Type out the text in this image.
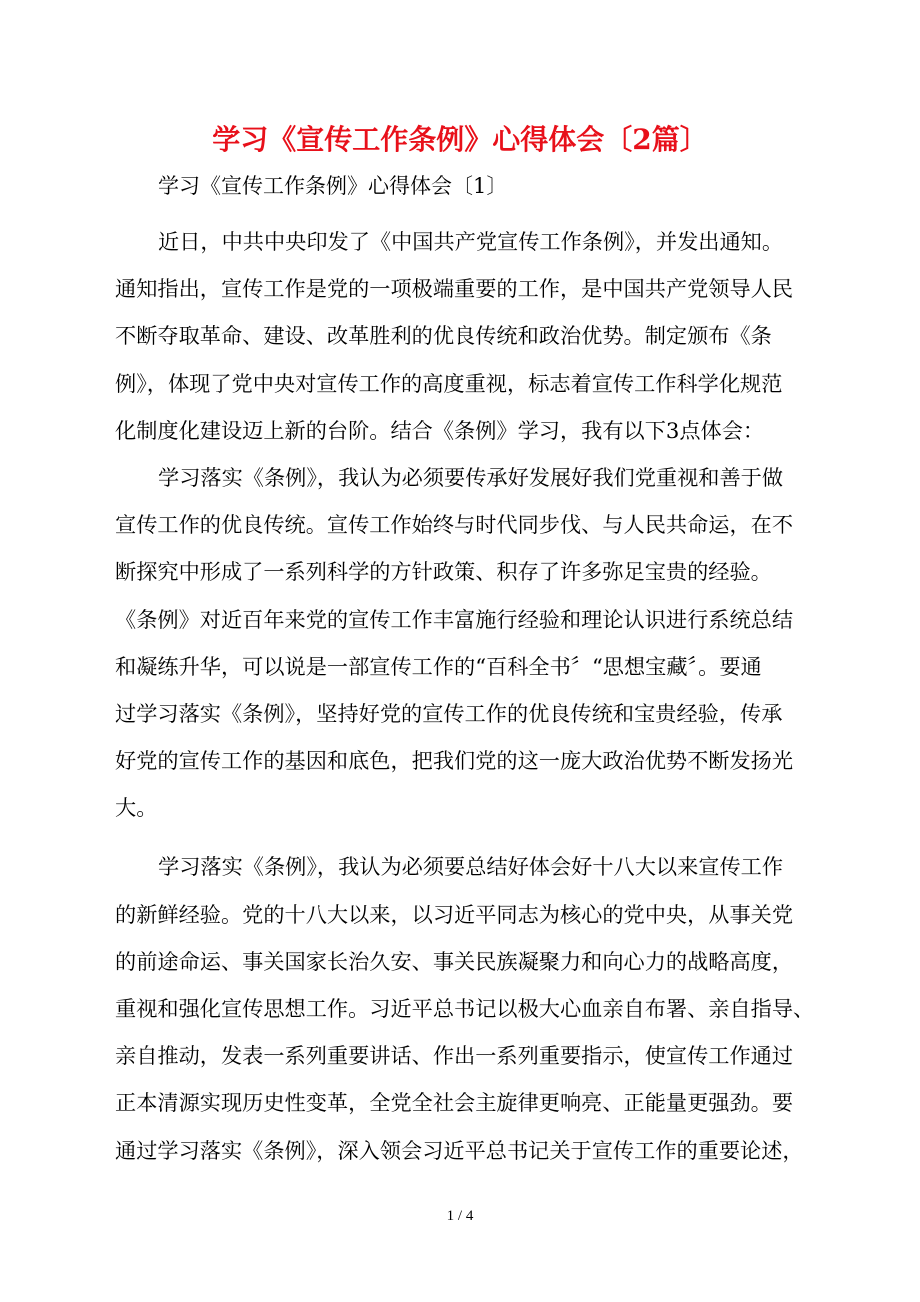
学习《宣传工作条例》心得体会〔2篇〕
学习《宣传工作条例》心得体会〔1〕
近日，中共中央印发了《中国共产党宣传工作条例》，并发出通知。
通知指出，宣传工作是党的一项极端重要的工作，是中国共产党领导人民
不断夺取革命、建设、改革胜利的优良传统和政治优势。制定颁布《条
例》，体现了党中央对宣传工作的高度重视，标志着宣传工作科学化规范
化制度化建设迈上新的台阶。结合《条例》学习，我有以下3点体会：
学习落实《条例》，我认为必须要传承好发展好我们党重视和善于做
宣传工作的优良传统。宣传工作始终与时代同步伐、与人民共命运，在不
断探究中形成了一系列科学的方针政策、积存了许多弥足宝贵的经验。
《条例》对近百年来党的宣传工作丰富施行经验和理论认识进行系统总结
和凝练升华，可以说是一部宣传工作的“百科全书〞“思想宝藏〞。要通
过学习落实《条例》，坚持好党的宣传工作的优良传统和宝贵经验，传承
好党的宣传工作的基因和底色，把我们党的这一庞大政治优势不断发扬光
大。
学习落实《条例》，我认为必须要总结好体会好十八大以来宣传工作
的新鲜经验。党的十八大以来，以习近平同志为核心的党中央，从事关党
的前途命运、事关国家长治久安、事关民族凝聚力和向心力的战略高度，
重视和强化宣传思想工作。习近平总书记以极大心血亲自布署、亲自指导、
亲自推动，发表一系列重要讲话、作出一系列重要指示，使宣传工作通过
正本清源实现历史性变革，全党全社会主旋律更响亮、正能量更强劲。要
通过学习落实《条例》，深入领会习近平总书记关于宣传工作的重要论述，
1 / 4
